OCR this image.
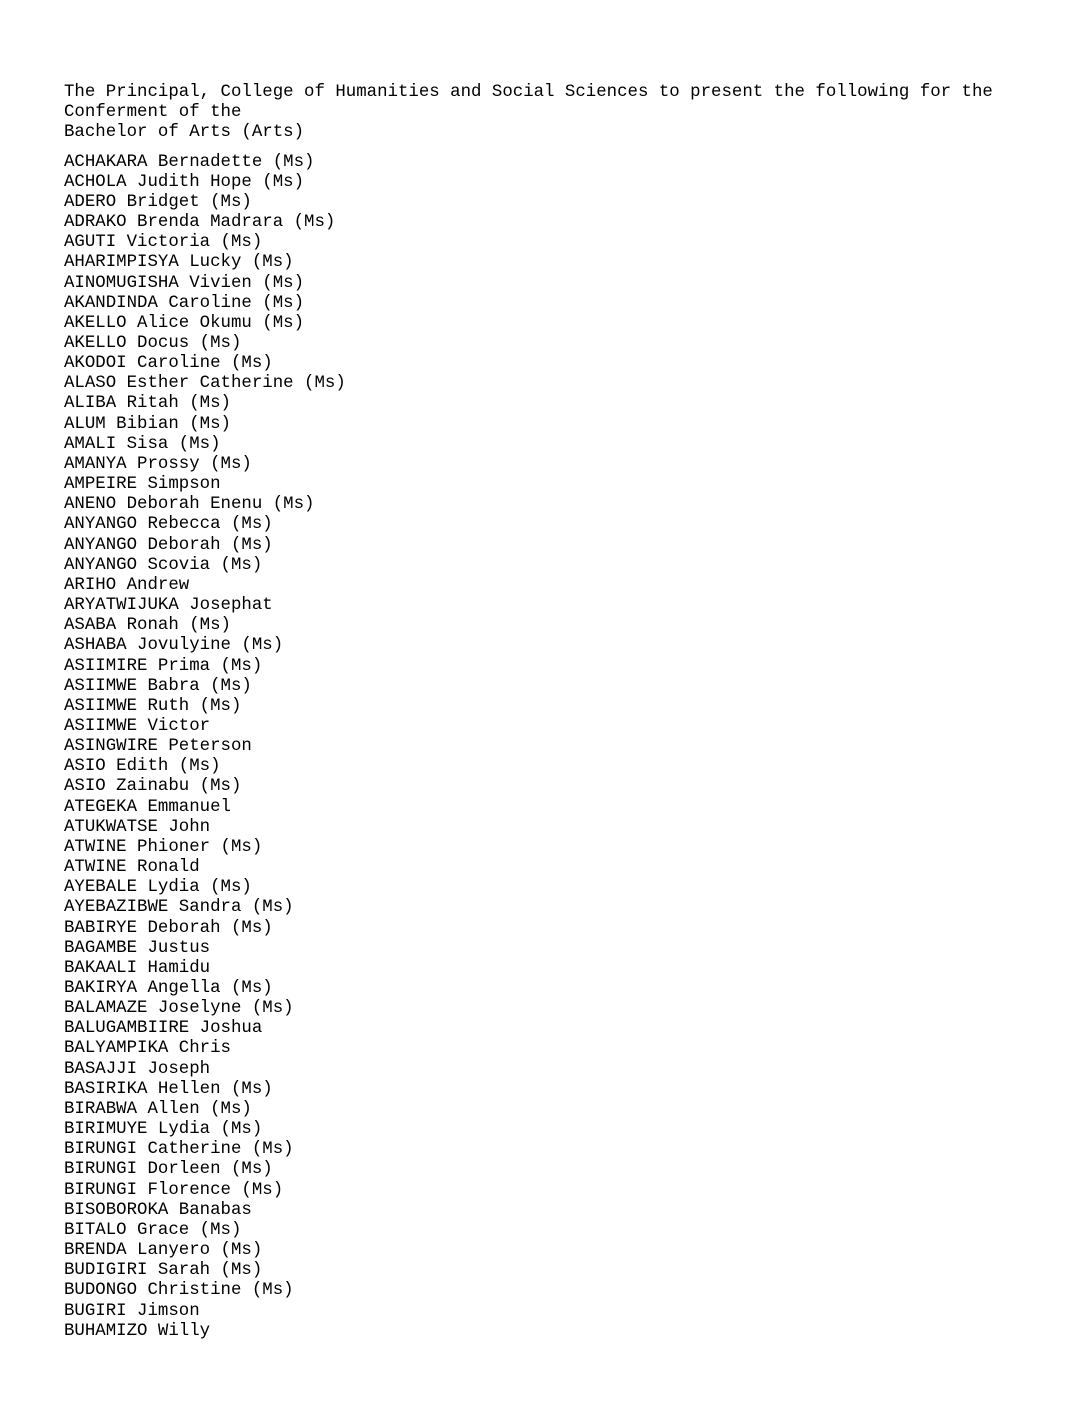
The Principal, College of Humanities and Social Sciences to present the following for the

Conferment of the

Bachelor of Arts (Arts)

ACHAKARA Bernadette (Ms)
ACHOLA Judith Hope (Ms)
ADERO Bridget (Ms)
ADRAKO Brenda Madrara (Ms)
AGUTI Victoria (Ms)
AHARIMPISYA Lucky (Ms)
AINOMUGISHA Vivien (Ms)
AKANDINDA Caroline (Ms)
AKELLO Alice Okumu (Ms)
AKELLO Docus (Ms)
AKODOI Caroline (Ms)
ALASO Esther Catherine (Ms)
ALIBA Ritah (Ms)
ALUM Bibian (Ms)
AMALI Sisa (Ms)
AMANYA Prossy (Ms)
AMPEIRE Simpson
ANENO Deborah Enenu (Ms)
ANYANGO Rebecca (Ms)
ANYANGO Deborah (Ms)
ANYANGO Scovia (Ms)
ARIHO Andrew
ARYATWIJUKA Josephat
ASABA Ronah (Ms)
ASHABA Jovulyine (Ms)
ASIIMIRE Prima (Ms)
ASIIMWE Babra (Ms)
ASIIMWE Ruth (Ms)
ASIIMWE Victor
ASINGWIRE Peterson
ASIO Edith (Ms)
ASIO Zainabu (Ms)
ATEGEKA Emmanuel
ATUKWATSE John
ATWINE Phioner (Ms)
ATWINE Ronald
AYEBALE Lydia (Ms)
AYEBAZIBWE Sandra (Ms)
BABIRYE Deborah (Ms)
BAGAMBE Justus
BAKAALI Hamidu
BAKIRYA Angella (Ms)
BALAMAZE Joselyne (Ms)
BALUGAMBIIRE Joshua
BALYAMPIKA Chris
BASAJJI Joseph
BASIRIKA Hellen (Ms)
BIRABWA Allen (Ms)
BIRIMUYE Lydia (Ms)
BIRUNGI Catherine (Ms)
BIRUNGI Dorleen (Ms)
BIRUNGI Florence (Ms)
BISOBOROKA Banabas
BITALO Grace (Ms)
BRENDA Lanyero (Ms)
BUDIGIRI Sarah (Ms)
BUDONGO Christine (Ms)
BUGIRI Jimson
BUHAMIZO Willy
